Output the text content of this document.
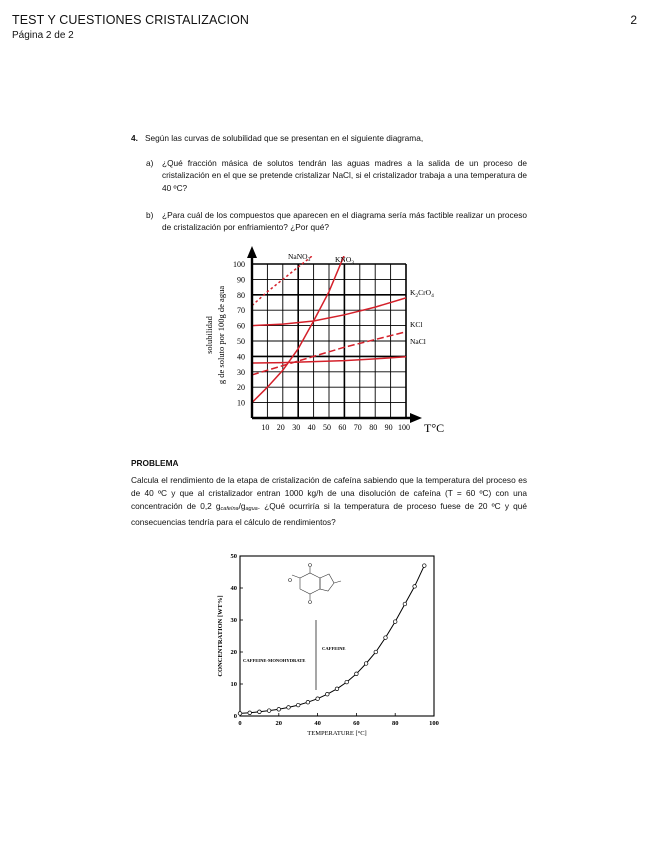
TEST Y CUESTIONES CRISTALIZACION
Página 2 de 2
2
4. Según las curvas de solubilidad que se presentan en el siguiente diagrama,
a) ¿Qué fracción másica de solutos tendrán las aguas madres a la salida de un proceso de cristalización en el que se pretende cristalizar NaCl, si el cristalizador trabaja a una temperatura de 40 ºC?
b) ¿Para cuál de los compuestos que aparecen en el diagrama sería más factible realizar un proceso de cristalización por enfriamiento? ¿Por qué?
10 20 30 40 50 60 70 80 90 100
100
90
80
70
60
50
40
30
20
10
solubilidad g de soluto por 100g de agua
T°C
NaNO$_3$	$KNO_3$
$K_2CrO_4$
KCl
NaCl
PROBLEMA
Calcula el rendimiento de la etapa de cristalización de cafeína sabiendo que la temperatura del proceso es de 40 ºC y que al cristalizador entran 1000 kg/h de una disolución de cafeína (T = 60 ºC) con una concentración de 0,2 gcafeína/gagua. ¿Qué ocurriría si la temperatura de proceso fuese de 20 ºC y qué consecuencias tendría para el cálculo de rendimientos?
0	20	40	60	80	100
0
10
20
30
40
50
CAFFEINE-MONOHYDRATE
CAFFEINE
CONCENTRATION [WT%]
TEMPERATURE [°C]
